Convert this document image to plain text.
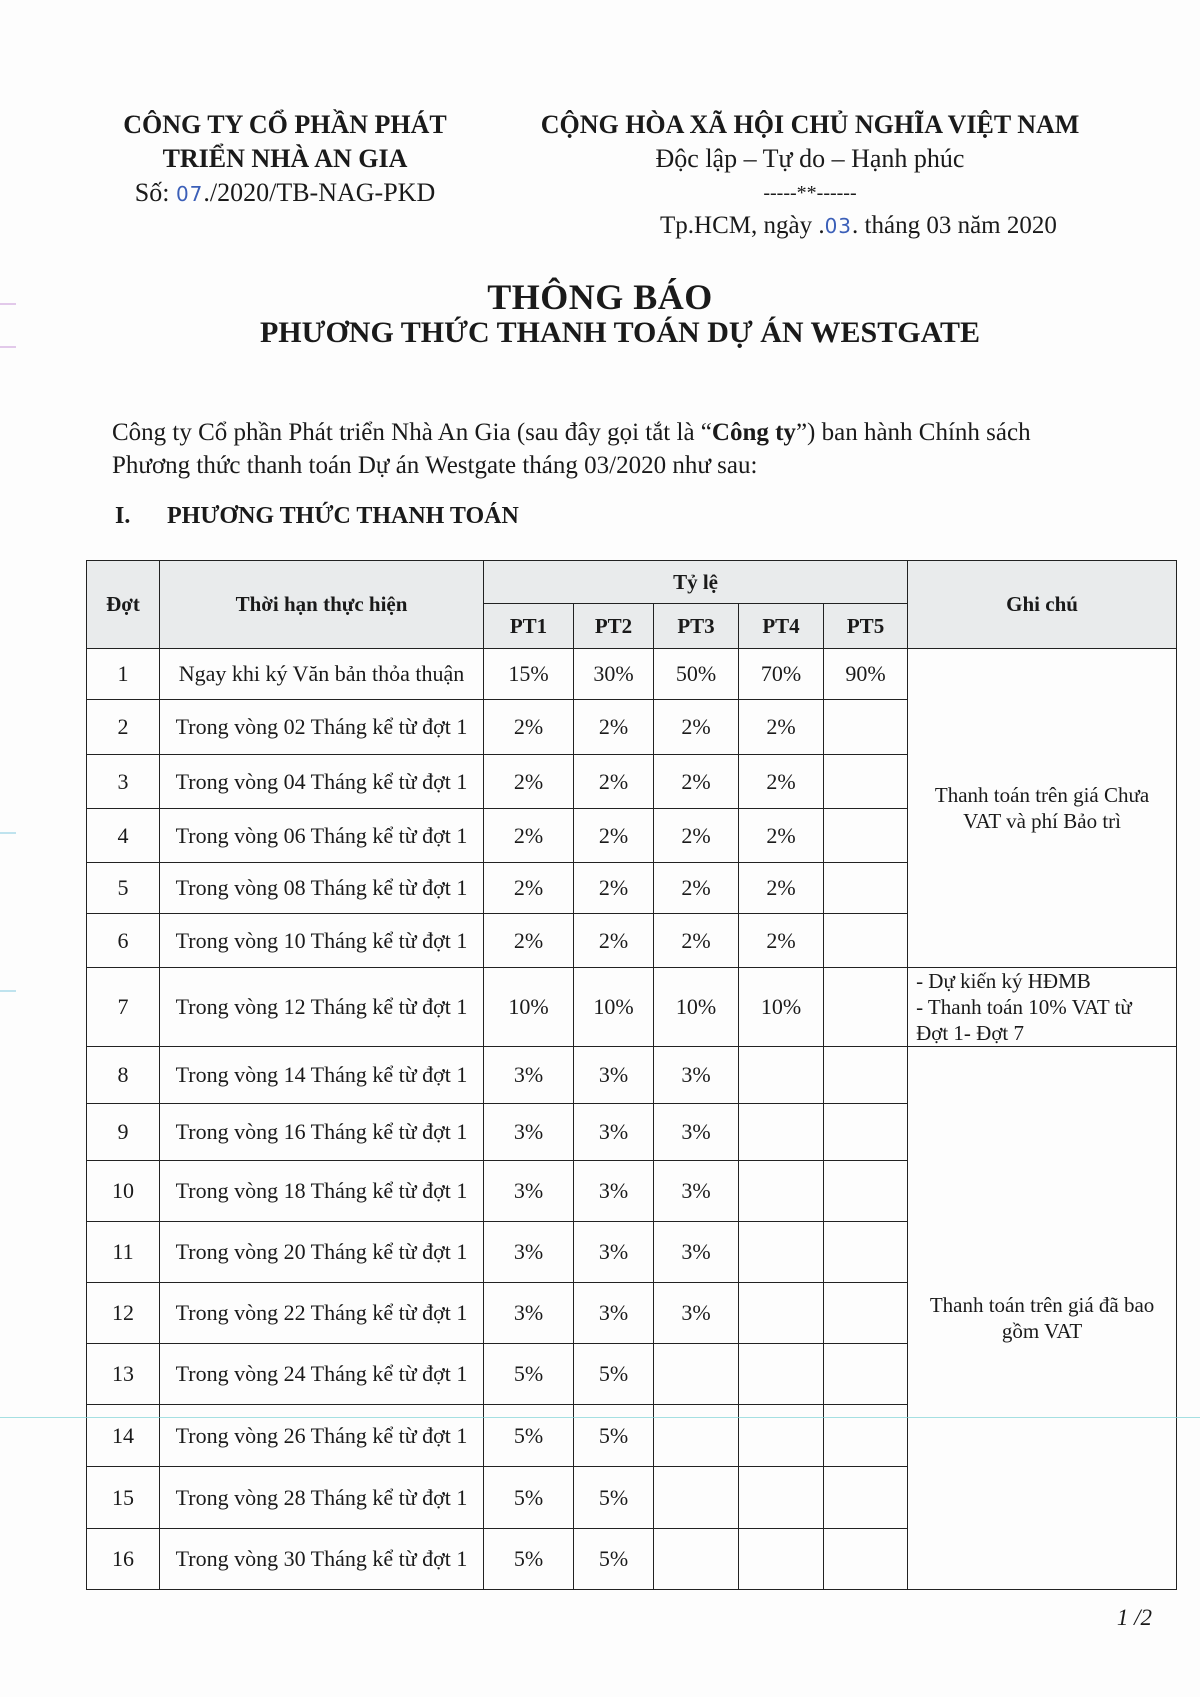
CÔNG TY CỔ PHẦN PHÁT
TRIỂN NHÀ AN GIA
Số: 07./2020/TB-NAG-PKD
CỘNG HÒA XÃ HỘI CHỦ NGHĨA VIỆT NAM
Độc lập – Tự do – Hạnh phúc
-----**------
Tp.HCM, ngày .03. tháng 03 năm 2020
THÔNG BÁO
PHƯƠNG THỨC THANH TOÁN DỰ ÁN WESTGATE
Công ty Cổ phần Phát triển Nhà An Gia (sau đây gọi tắt là “Công ty”) ban hành Chính sách Phương thức thanh toán Dự án Westgate tháng 03/2020 như sau:
I. PHƯƠNG THỨC THANH TOÁN
Đợt	Thời hạn thực hiện	Tỷ lệ					Ghi chú
		PT1	PT2	PT3	PT4	PT5	
1	Ngay khi ký Văn bản thỏa thuận	15%	30%	50%	70%	90%	Thanh toán trên giá Chưa VAT và phí Bảo trì
2	Trong vòng 02 Tháng kể từ đợt 1	2%	2%	2%	2%		
3	Trong vòng 04 Tháng kể từ đợt 1	2%	2%	2%	2%		
4	Trong vòng 06 Tháng kể từ đợt 1	2%	2%	2%	2%		
5	Trong vòng 08 Tháng kể từ đợt 1	2%	2%	2%	2%		
6	Trong vòng 10 Tháng kể từ đợt 1	2%	2%	2%	2%		
7	Trong vòng 12 Tháng kể từ đợt 1	10%	10%	10%	10%		- Dự kiến ký HĐMB
- Thanh toán 10% VAT từ Đợt 1- Đợt 7

8	Trong vòng 14 Tháng kể từ đợt 1	3%	3%	3%			Thanh toán trên giá đã bao gồm VAT
9	Trong vòng 16 Tháng kể từ đợt 1	3%	3%	3%			
10	Trong vòng 18 Tháng kể từ đợt 1	3%	3%	3%			
11	Trong vòng 20 Tháng kể từ đợt 1	3%	3%	3%			
12	Trong vòng 22 Tháng kể từ đợt 1	3%	3%	3%			
13	Trong vòng 24 Tháng kể từ đợt 1	5%	5%				
14	Trong vòng 26 Tháng kể từ đợt 1	5%	5%				
15	Trong vòng 28 Tháng kể từ đợt 1	5%	5%				
16	Trong vòng 30 Tháng kể từ đợt 1	5%	5%				
1 /2
